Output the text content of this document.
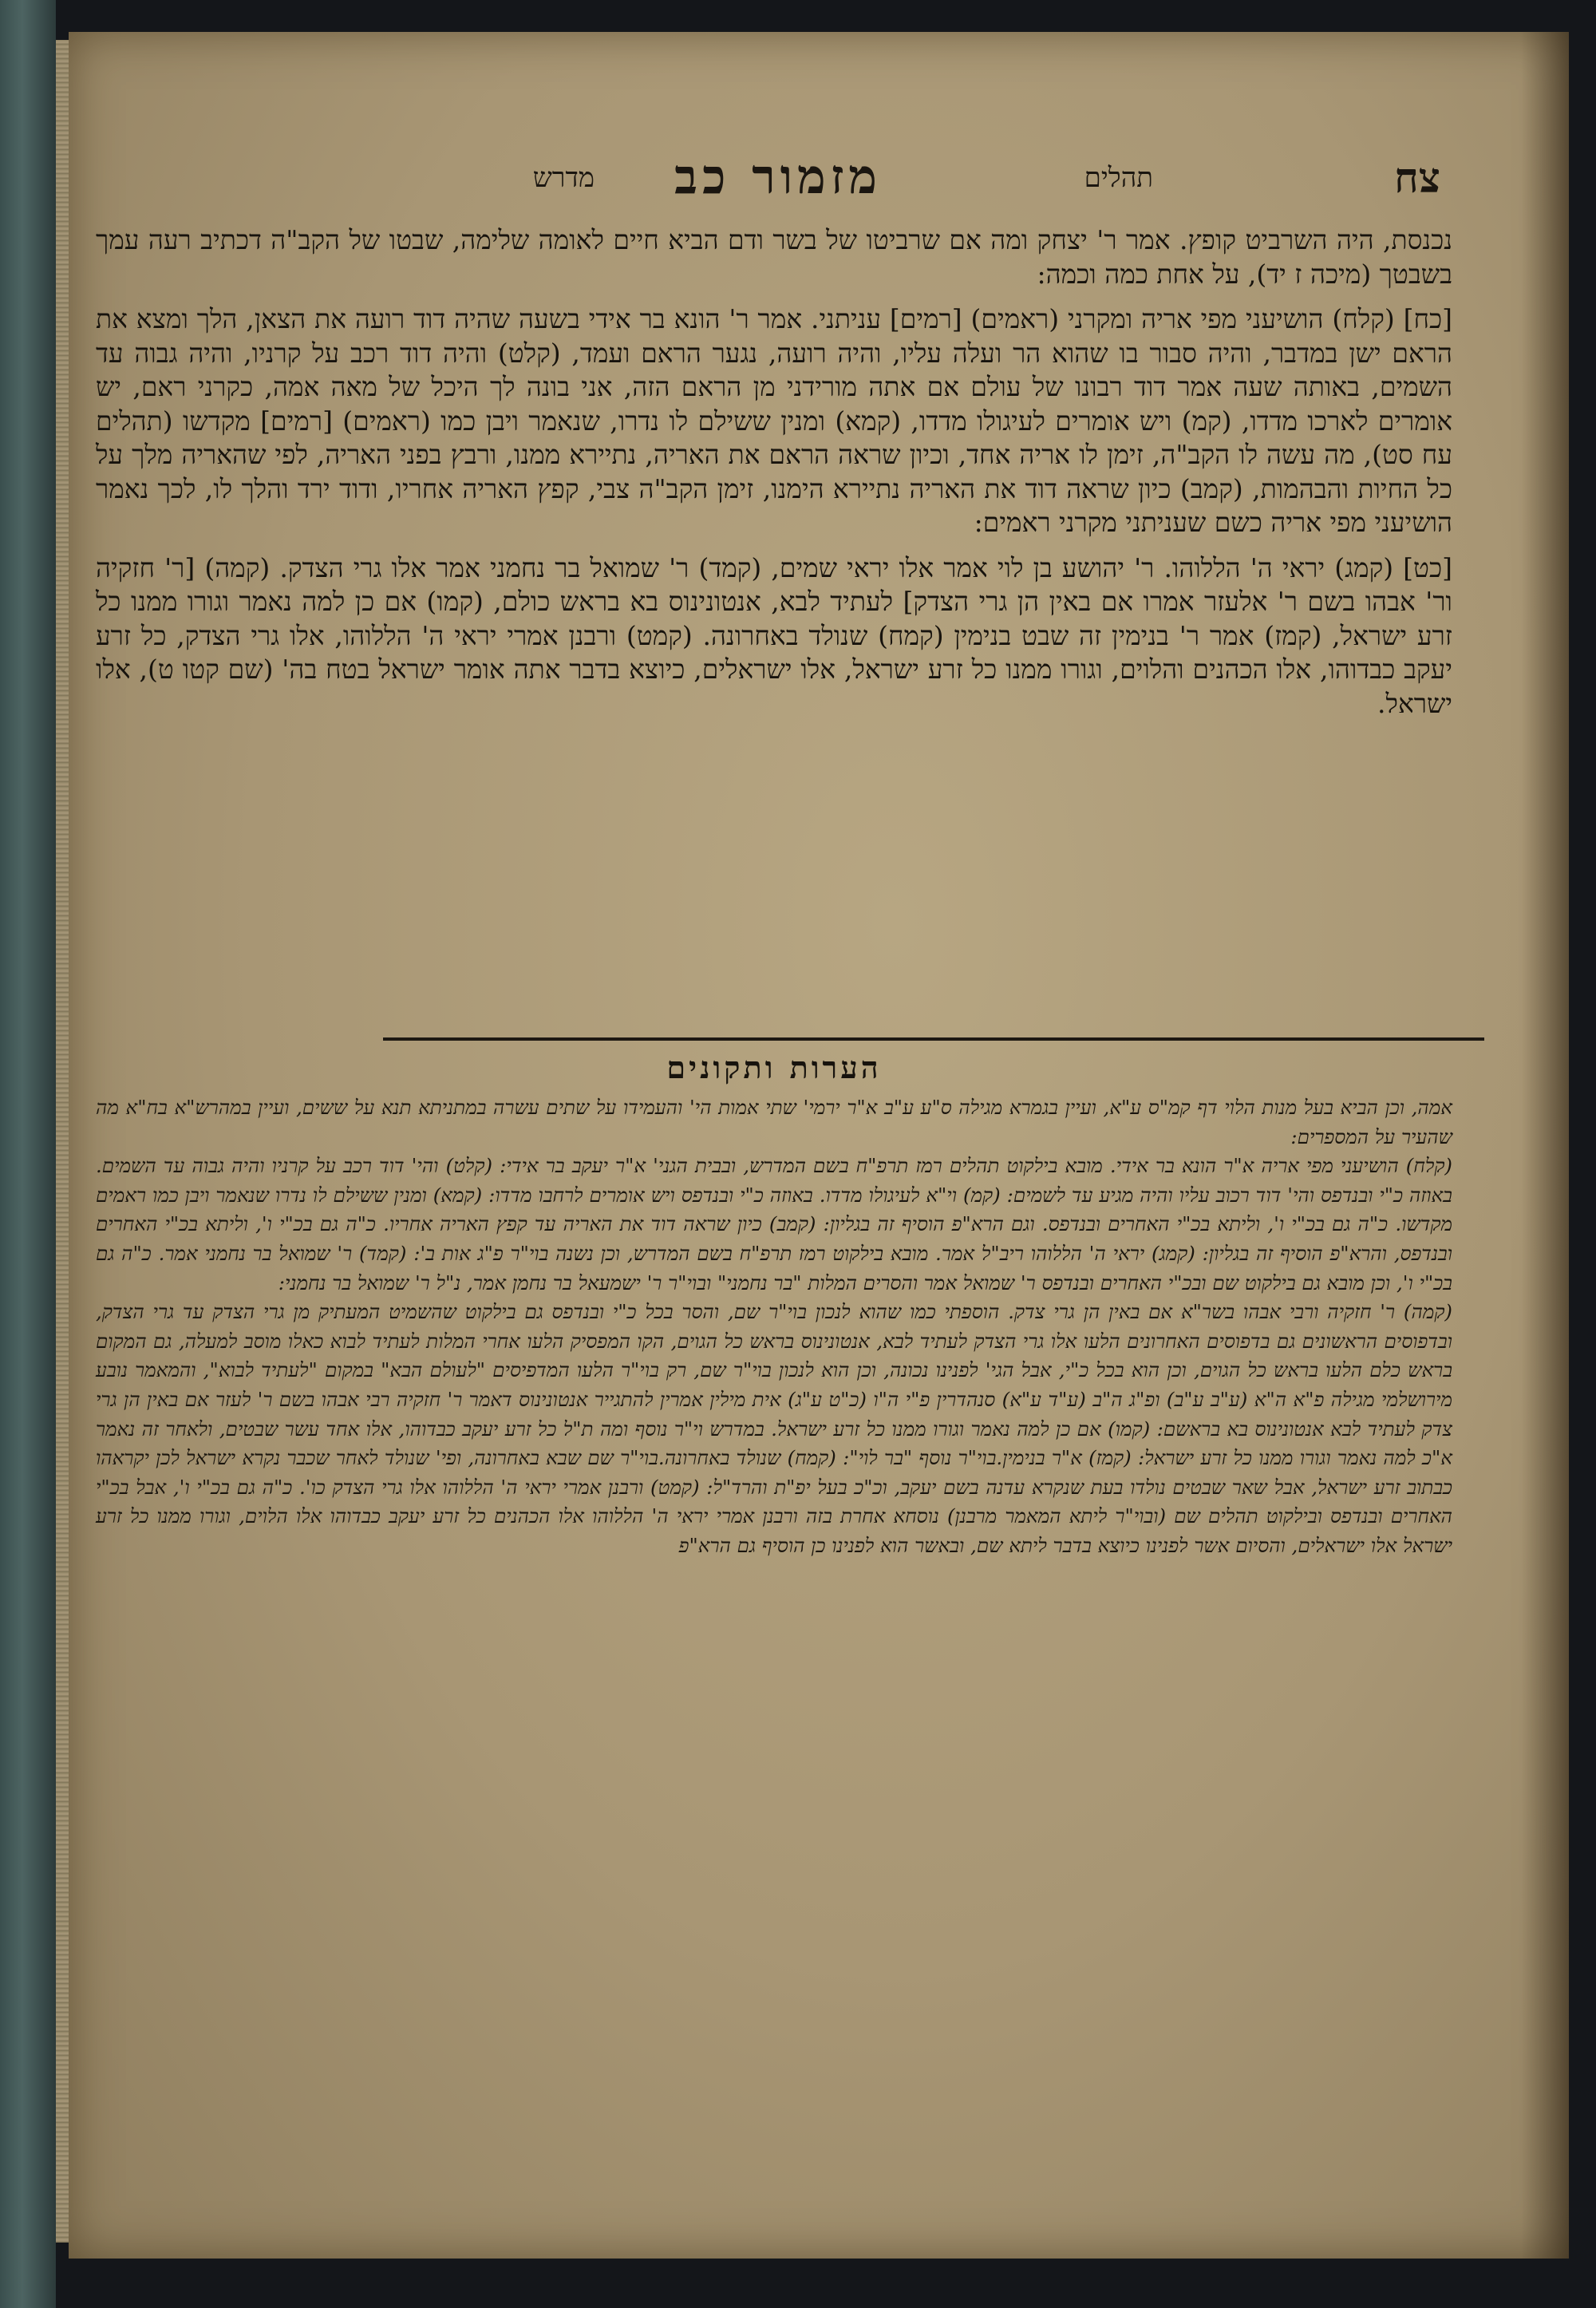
צח
תהלים
מזמור כב
מדרש

נכנסת, היה השרביט קופץ. אמר ר' יצחק ומה אם שרביטו של בשר ודם הביא חיים לאומה שלימה, שבטו של הקב"ה דכתיב רעה עמך בשבטך (מיכה ז יד), על אחת כמה וכמה:

[כח] (קלח) הושיעני מפי אריה ומקרני (ראמים) [רמים] עניתני. אמר ר' הונא בר אידי בשעה שהיה דוד רועה את הצאן, הלך ומצא את הראם ישן במדבר, והיה סבור בו שהוא הר ועלה עליו, והיה רועה, נגער הראם ועמד, (קלט) והיה דוד רכב על קרניו, והיה גבוה עד השמים, באותה שעה אמר דוד רבונו של עולם אם אתה מורידני מן הראם הזה, אני בונה לך היכל של מאה אמה, כקרני ראם, יש אומרים לארכו מדדו, (קמ) ויש אומרים לעיגולו מדדו, (קמא) ומנין ששילם לו נדרו, שנאמר ויבן כמו (ראמים) [רמים] מקדשו (תהלים עח סט), מה עשה לו הקב"ה, זימן לו אריה אחד, וכיון שראה הראם את האריה, נתיירא ממנו, ורבץ בפני האריה, לפי שהאריה מלך על כל החיות והבהמות, (קמב) כיון שראה דוד את האריה נתיירא הימנו, זימן הקב"ה צבי, קפץ האריה אחריו, ודוד ירד והלך לו, לכך נאמר הושיעני מפי אריה כשם שעניתני מקרני ראמים:

[כט] (קמג) יראי ה' הללוהו. ר' יהושע בן לוי אמר אלו יראי שמים, (קמד) ר' שמואל בר נחמני אמר אלו גרי הצדק. (קמה) [ר' חזקיה ור' אבהו בשם ר' אלעזר אמרו אם באין הן גרי הצדק] לעתיד לבא, אנטונינוס בא בראש כולם, (קמו) אם כן למה נאמר וגורו ממנו כל זרע ישראל, (קמז) אמר ר' בנימין זה שבט בנימין (קמח) שנולד באחרונה. (קמט) ורבנן אמרי יראי ה' הללוהו, אלו גרי הצדק, כל זרע יעקב כבדוהו, אלו הכהנים והלוים, וגורו ממנו כל זרע ישראל, אלו ישראלים, כיוצא בדבר אתה אומר ישראל בטח בה' (שם קטו ט), אלו ישראל.

הערות ותקונים

אמה, וכן הביא בעל מנות הלוי דף קמ"ס ע"א, ועיין בגמרא מגילה ס"ע ע"ב א"ר ירמי' שתי אמות הי' והעמידו על שתים עשרה במתניתא תנא על ששים, ועיין במהרש"א בח"א מה שהעיר על המספרים:

(קלח) הושיעני מפי אריה א"ר הונא בר אידי. מובא בילקוט תהלים רמז תרפ"ח בשם המדרש, ובבית הגני' א"ר יעקב בר אידי: (קלט) והי' דוד רכב על קרניו והיה גבוה עד השמים. באוזה כ"י ובנדפס והי' דוד רכוב עליו והיה מגיע עד לשמים: (קמ) וי"א לעיגולו מדדו. באוזה כ"י ובנדפס ויש אומרים לרחבו מדדו: (קמא) ומנין ששילם לו נדרו שנאמר ויבן כמו ראמים מקדשו. כ"ה גם בכ"י ו', וליתא בכ"י האחרים ובנדפס. וגם הרא"פ הוסיף זה בגליון: (קמב) כיון שראה דוד את האריה עד קפץ האריה אחריו. כ"ה גם בכ"י ו', וליתא בכ"י האחרים ובנדפס, והרא"פ הוסיף זה בגליון: (קמג) יראי ה' הללוהו ריב"ל אמר. מובא בילקוט רמז תרפ"ח בשם המדרש, וכן נשנה בוי"ר פ"ג אות ב': (קמד) ר' שמואל בר נחמני אמר. כ"ה גם בכ"י ו', וכן מובא גם בילקוט שם ובכ"י האחרים ובנדפס ר' שמואל אמר והסרים המלות "בר נחמני" ובוי"ר ר' ישמעאל בר נחמן אמר, נ"ל ר' שמואל בר נחמני:

(קמה) ר' חזקיה ורבי אבהו בשר"א אם באין הן גרי צדק. הוספתי כמו שהוא לנכון בוי"ר שם, והסר בכל כ"י ובנדפס גם בילקוט שהשמיט המעתיק מן גרי הצדק עד גרי הצדק, ובדפוסים הראשונים גם בדפוסים האחרונים הלעו אלו גרי הצדק לעתיד לבא, אנטונינוס בראש כל הגוים, הקו המפסיק הלעו אחרי המלות לעתיד לבוא כאלו מוסב למעלה, גם המקום בראש כלם הלעו בראש כל הגוים, וכן הוא בכל כ"י, אבל הגי' לפנינו נכונה, וכן הוא לנכון בוי"ר שם, רק בוי"ר הלעו המדפיסים "לעולם הבא" במקום "לעתיד לבוא", והמאמר נובע מירושלמי מגילה פ"א ה"א (ע"ב ע"ב) ופ"ג ה"ב (ע"ד ע"א) סנהדרין פ"י ה"ו (כ"ט ע"ג) אית מילין אמרין להתגייר אנטונינוס דאמר ר' חזקיה רבי אבהו בשם ר' לעזר אם באין הן גרי צדק לעתיד לבא אנטונינוס בא בראשם: (קמו) אם כן למה נאמר וגורו ממנו כל זרע ישראל. במדרש וי"ר נוסף ומה ת"ל כל זרע יעקב כבדוהו, אלו אחד עשר שבטים, ולאחר זה נאמר א"כ למה נאמר וגורו ממנו כל זרע ישראל: (קמז) א"ר בנימין.בוי"ר נוסף "בר לוי": (קמח) שנולד באחרונה.בוי"ר שם שבא באחרונה, ופי' שנולד לאחר שכבר נקרא ישראל לכן יקראהו כבתוב זרע ישראל, אבל שאר שבטים נולדו בעת שנקרא עדנה בשם יעקב, וכ"כ בעל יפ"ת והרד"ל: (קמט) ורבנן אמרי יראי ה' הללוהו אלו גרי הצדק כו'. כ"ה גם בכ"י ו', אבל בכ"י האחרים ובנדפס ובילקוט תהלים שם (ובוי"ר ליתא המאמר מרבנן) נוסחא אחרת בזה ורבנן אמרי יראי ה' הללוהו אלו הכהנים כל זרע יעקב כבדוהו אלו הלוים, וגורו ממנו כל זרע ישראל אלו ישראלים, והסיום אשר לפנינו כיוצא בדבר ליתא שם, ובאשר הוא לפנינו כן הוסיף גם הרא"פ
